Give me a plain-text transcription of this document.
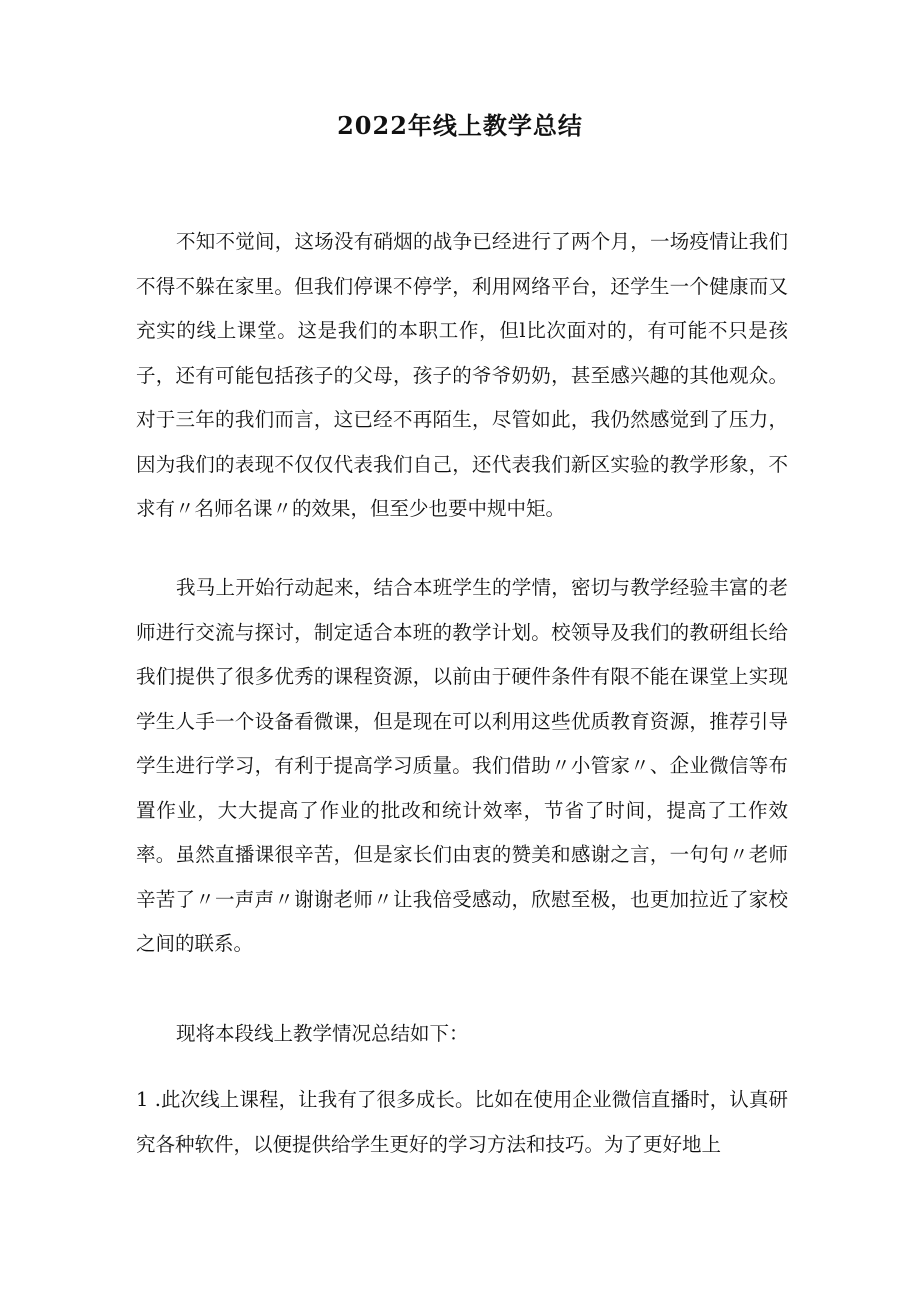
2022年线上教学总结

不知不觉间，这场没有硝烟的战争已经进行了两个月，一场疫情让我们不得不躲在家里。但我们停课不停学，利用网络平台，还学生一个健康而又充实的线上课堂。这是我们的本职工作，但l比次面对的，有可能不只是孩子，还有可能包括孩子的父母，孩子的爷爷奶奶，甚至感兴趣的其他观众。对于三年的我们而言，这已经不再陌生，尽管如此，我仍然感觉到了压力，因为我们的表现不仅仅代表我们自己，还代表我们新区实验的教学形象，不求有〃名师名课〃的效果，但至少也要中规中矩。

我马上开始行动起来，结合本班学生的学情，密切与教学经验丰富的老师进行交流与探讨，制定适合本班的教学计划。校领导及我们的教研组长给我们提供了很多优秀的课程资源，以前由于硬件条件有限不能在课堂上实现学生人手一个设备看微课，但是现在可以利用这些优质教育资源，推荐引导学生进行学习，有利于提高学习质量。我们借助〃小管家〃、企业微信等布置作业，大大提高了作业的批改和统计效率，节省了时间，提高了工作效率。虽然直播课很辛苦，但是家长们由衷的赞美和感谢之言，一句句〃老师辛苦了〃一声声〃谢谢老师〃让我倍受感动，欣慰至极，也更加拉近了家校之间的联系。

现将本段线上教学情况总结如下：

1 .此次线上课程，让我有了很多成长。比如在使用企业微信直播时，认真研究各种软件，以便提供给学生更好的学习方法和技巧。为了更好地上
